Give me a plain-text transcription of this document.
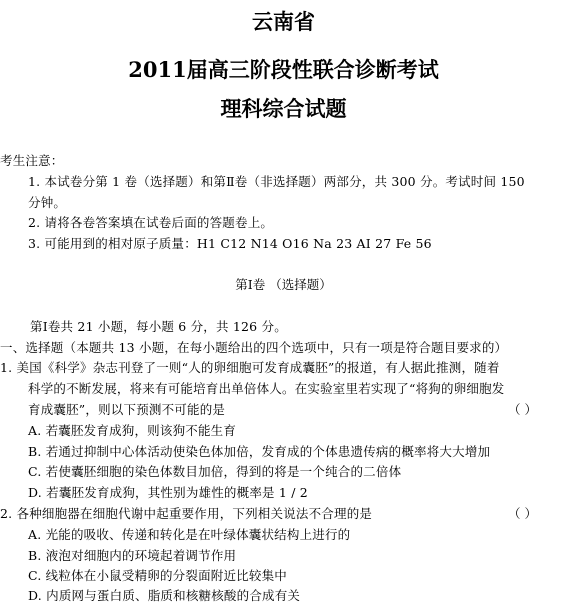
云南省
2011届高三阶段性联合诊断考试
理科综合试题
考生注意：
1. 本试卷分第 1 卷（选择题）和第Ⅱ卷（非选择题）两部分，共 300 分。考试时间 150
分钟。
2. 请将各卷答案填在试卷后面的答题卷上。
3. 可能用到的相对原子质量：H1 C12 N14 O16 Na 23 AI 27 Fe 56
第Ⅰ卷 （选择题）
第Ⅰ卷共 21 小题，每小题 6 分，共 126 分。
一、选择题（本题共 13 小题，在每小题给出的四个选项中，只有一项是符合题目要求的）
1. 美国《科学》杂志刊登了一则“人的卵细胞可发育成囊胚”的报道，有人据此推测，随着
科学的不断发展，将来有可能培育出单倍体人。在实验室里若实现了“将狗的卵细胞发
育成囊胚”，则以下预测不可能的是	（ ）
A. 若囊胚发育成狗，则该狗不能生育
B. 若通过抑制中心体活动使染色体加倍，发育成的个体患遗传病的概率将大大增加
C. 若使囊胚细胞的染色体数目加倍，得到的将是一个纯合的二倍体
D. 若囊胚发育成狗，其性别为雄性的概率是 1 / 2
2. 各种细胞器在细胞代谢中起重要作用，下列相关说法不合理的是	（ ）
A. 光能的吸收、传递和转化是在叶绿体囊状结构上进行的
B. 液泡对细胞内的环境起着调节作用
C. 线粒体在小鼠受精卵的分裂面附近比较集中
D. 内质网与蛋白质、脂质和核糖核酸的合成有关
